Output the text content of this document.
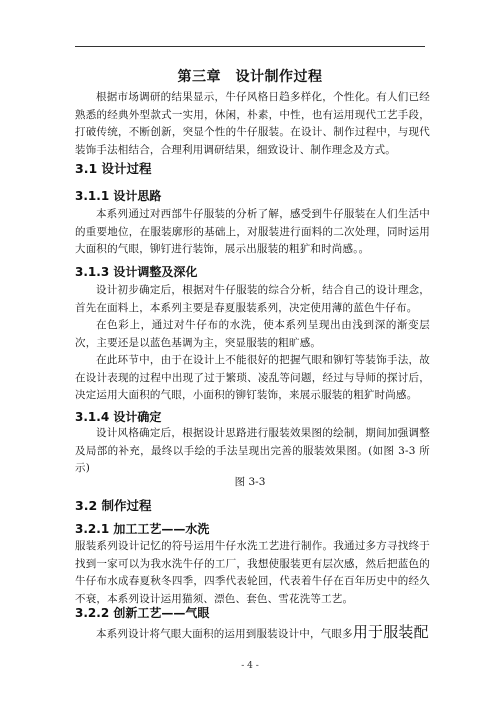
第三章　设计制作过程

根据市场调研的结果显示，牛仔风格日趋多样化，个性化。有人们已经熟悉的经典外型款式一实用，休闲，朴素，中性，也有运用现代工艺手段，打破传统，不断创新，突显个性的牛仔服装。在设计、制作过程中，与现代装饰手法相结合，合理利用调研结果，细致设计、制作理念及方式。

3.1 设计过程
3.1.1 设计思路

本系列通过对西部牛仔服装的分析了解，感受到牛仔服装在人们生活中的重要地位，在服装廓形的基础上，对服装进行面料的二次处理，同时运用大面积的气眼，铆钉进行装饰，展示出服装的粗犷和时尚感。。

3.1.3 设计调整及深化

设计初步确定后，根据对牛仔服装的综合分析，结合自己的设计理念，首先在面料上，本系列主要是春夏服装系列，决定使用薄的蓝色牛仔布。

在色彩上，通过对牛仔布的水洗，使本系列呈现出由浅到深的渐变层次，主要还是以蓝色基调为主，突显服装的粗旷感。

在此环节中，由于在设计上不能很好的把握气眼和铆钉等装饰手法，故在设计表现的过程中出现了过于繁琐、凌乱等问题，经过与导师的探讨后，决定运用大面积的气眼，小面积的铆钉装饰，来展示服装的粗犷时尚感。

3.1.4 设计确定

设计风格确定后，根据设计思路进行服装效果图的绘制，期间加强调整及局部的补充，最终以手绘的手法呈现出完善的服装效果图。(如图 3-3 所示)

图 3-3
3.2 制作过程
3.2.1 加工工艺——水洗

服装系列设计记忆的符号运用牛仔水洗工艺进行制作。我通过多方寻找终于找到一家可以为我水洗牛仔的工厂，我想使服装更有层次感，然后把蓝色的牛仔布水成春夏秋冬四季，四季代表轮回，代表着牛仔在百年历史中的经久不衰，本系列设计运用猫须、漂色、套色、雪花洗等工艺。

3.2.2 创新工艺——气眼

本系列设计将气眼大面积的运用到服装设计中，气眼多用于服装配

- 4 -
